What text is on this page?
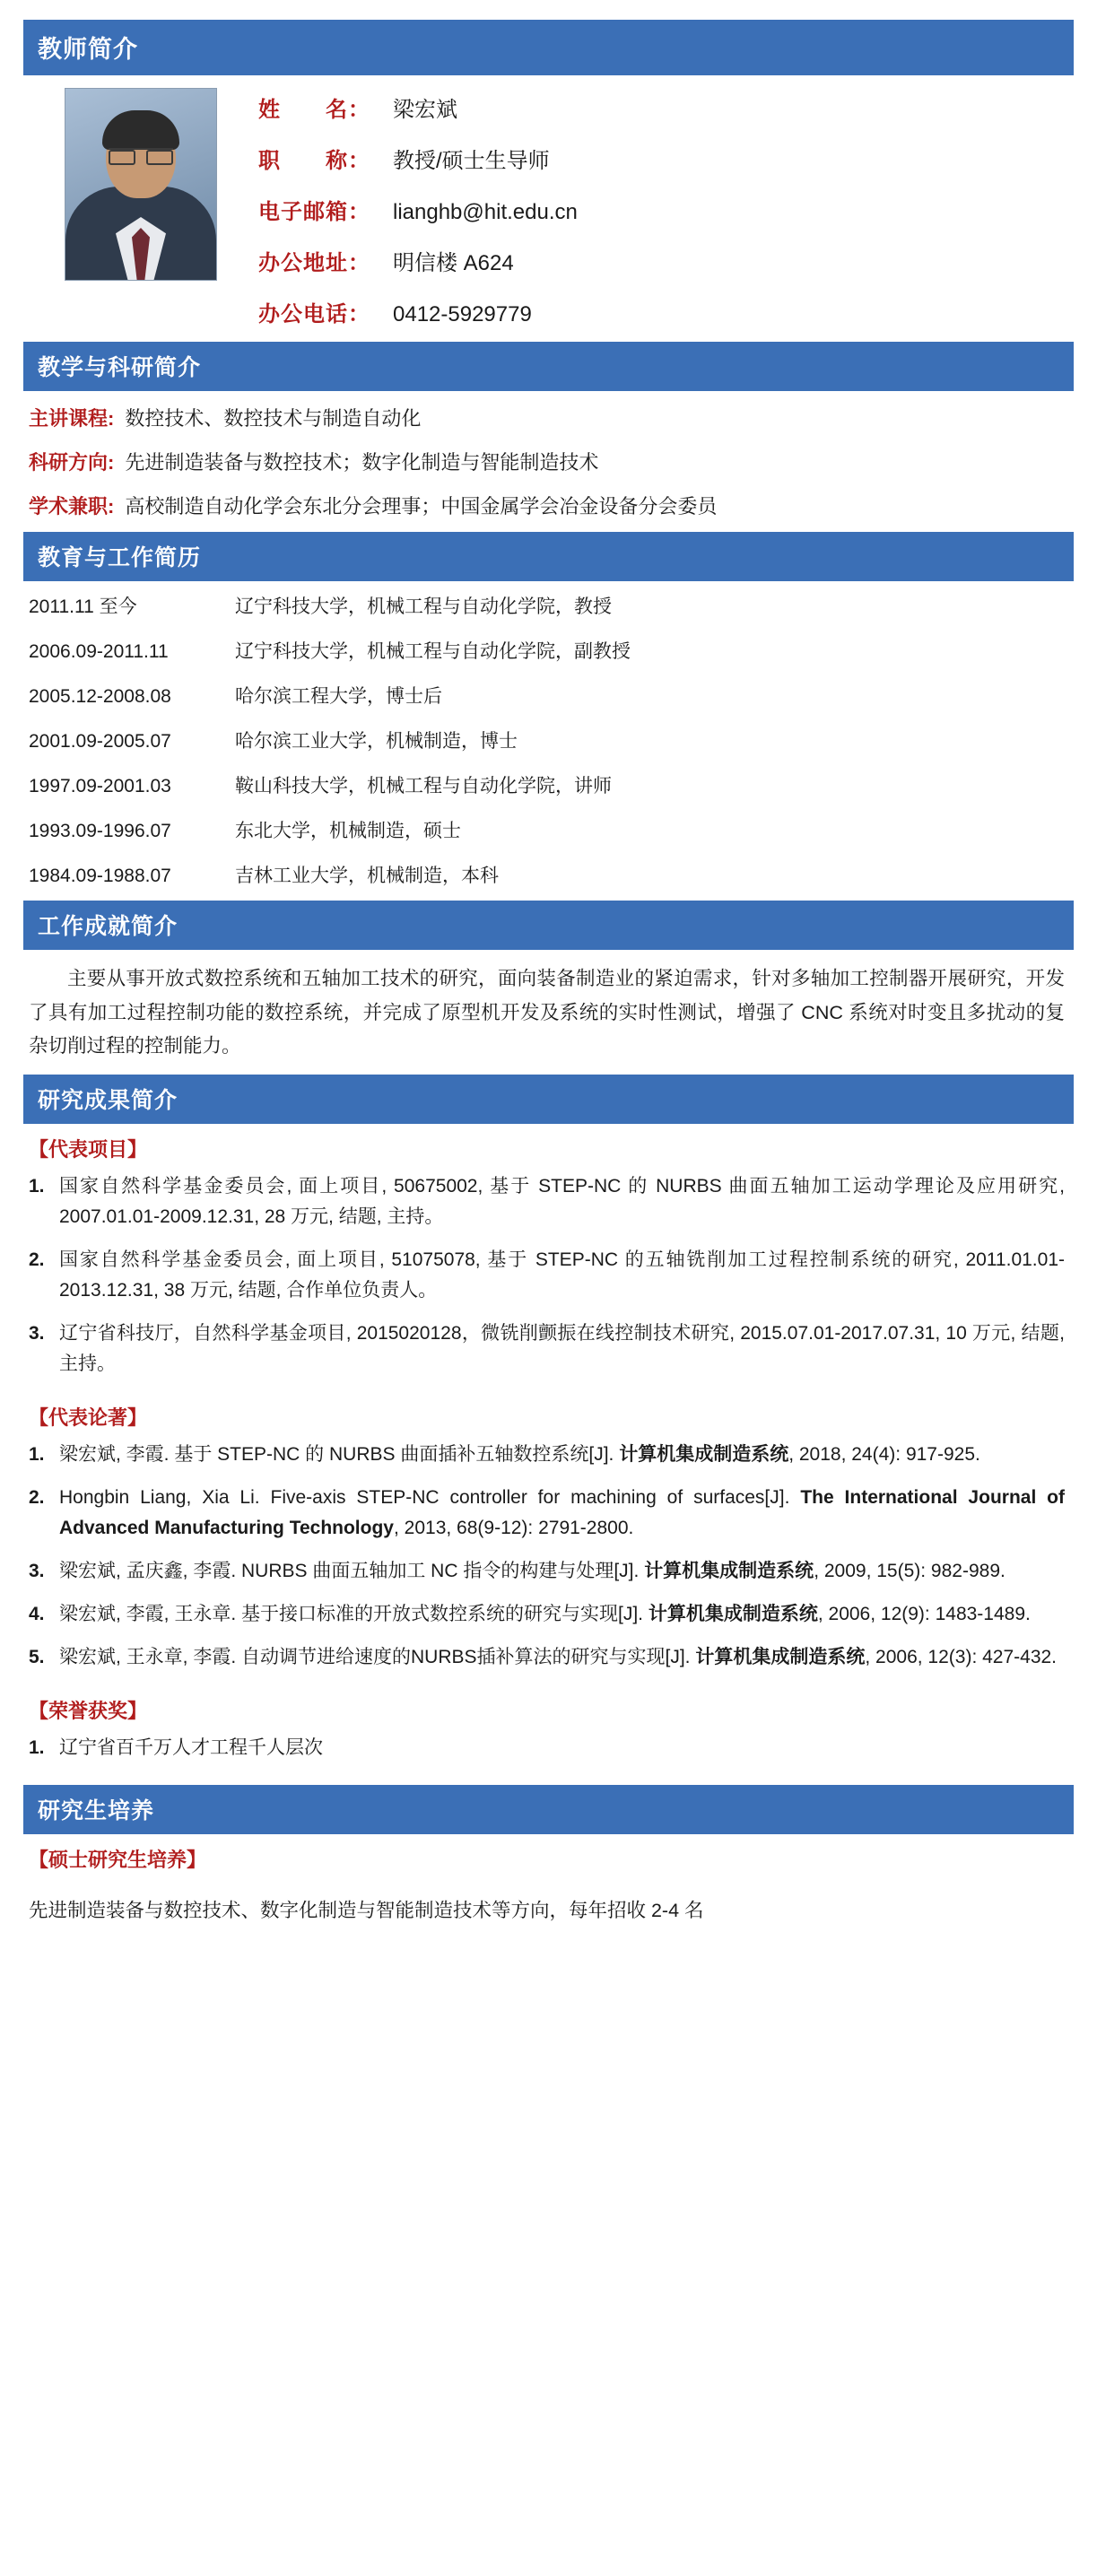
教师简介
姓　　名：	梁宏斌
职　　称：	教授/硕士生导师
电子邮箱：	lianghb@hit.edu.cn
办公地址：	明信楼 A624
办公电话：	0412-5929779
教学与科研简介
主讲课程: 数控技术、数控技术与制造自动化
科研方向: 先进制造装备与数控技术；数字化制造与智能制造技术
学术兼职: 高校制造自动化学会东北分会理事；中国金属学会冶金设备分会委员
教育与工作简历
2011.11 至今	辽宁科技大学，机械工程与自动化学院，教授
2006.09-2011.11	辽宁科技大学，机械工程与自动化学院，副教授
2005.12-2008.08	哈尔滨工程大学，博士后
2001.09-2005.07	哈尔滨工业大学，机械制造，博士
1997.09-2001.03	鞍山科技大学，机械工程与自动化学院，讲师
1993.09-1996.07	东北大学，机械制造，硕士
1984.09-1988.07	吉林工业大学，机械制造，本科
工作成就简介
主要从事开放式数控系统和五轴加工技术的研究，面向装备制造业的紧迫需求，针对多轴加工控制器开展研究，开发了具有加工过程控制功能的数控系统，并完成了原型机开发及系统的实时性测试，增强了 CNC 系统对时变且多扰动的复杂切削过程的控制能力。
研究成果简介
【代表项目】
1. 国家自然科学基金委员会, 面上项目, 50675002, 基于 STEP-NC 的 NURBS 曲面五轴加工运动学理论及应用研究, 2007.01.01-2009.12.31, 28 万元, 结题, 主持。
2. 国家自然科学基金委员会, 面上项目, 51075078, 基于 STEP-NC 的五轴铣削加工过程控制系统的研究, 2011.01.01-2013.12.31, 38 万元, 结题, 合作单位负责人。
3. 辽宁省科技厅，自然科学基金项目, 2015020128，微铣削颤振在线控制技术研究, 2015.07.01-2017.07.31, 10 万元, 结题, 主持。
【代表论著】
1. 梁宏斌, 李霞. 基于 STEP-NC 的 NURBS 曲面插补五轴数控系统[J]. 计算机集成制造系统, 2018, 24(4): 917-925.
2. Hongbin Liang, Xia Li. Five-axis STEP-NC controller for machining of surfaces[J]. The International Journal of Advanced Manufacturing Technology, 2013, 68(9-12): 2791-2800.
3. 梁宏斌, 孟庆鑫, 李霞. NURBS 曲面五轴加工 NC 指令的构建与处理[J]. 计算机集成制造系统, 2009, 15(5): 982-989.
4. 梁宏斌, 李霞, 王永章. 基于接口标准的开放式数控系统的研究与实现[J]. 计算机集成制造系统, 2006, 12(9): 1483-1489.
5. 梁宏斌, 王永章, 李霞. 自动调节进给速度的NURBS插补算法的研究与实现[J]. 计算机集成制造系统, 2006, 12(3): 427-432.
【荣誉获奖】
1. 辽宁省百千万人才工程千人层次
研究生培养
【硕士研究生培养】
先进制造装备与数控技术、数字化制造与智能制造技术等方向，每年招收 2-4 名
